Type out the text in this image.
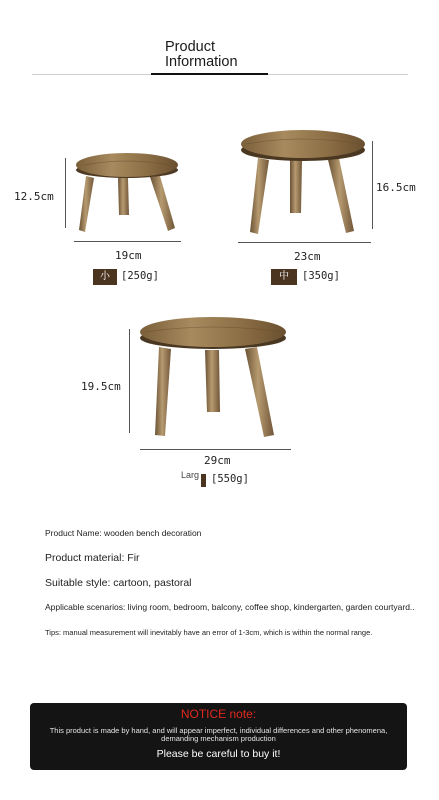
Product
Information
12.5cm
19cm
小	[250g]
16.5cm
23cm
中	[350g]
19.5cm
29cm
Larg [550g]
Product Name: wooden bench decoration
Product material: Fir
Suitable style: cartoon, pastoral
Applicable scenarios: living room, bedroom, balcony, coffee shop, kindergarten, garden courtyard..
Tips: manual measurement will inevitably have an error of 1-3cm, which is within the normal range.
NOTICE note:
This product is made by hand, and will appear imperfect, individual differences and other phenomena, demanding mechanism production
Please be careful to buy it!
